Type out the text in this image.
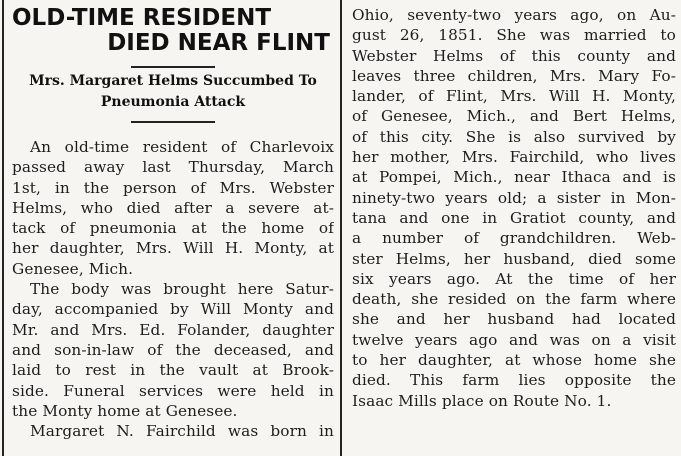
OLD-TIME RESIDENT
DIED NEAR FLINT
Mrs. Margaret Helms Succumbed To
Pneumonia Attack
An old-time resident of Charlevoix
passed away last Thursday, March
1st, in the person of Mrs. Webster
Helms, who died after a severe at-
tack of pneumonia at the home of
her daughter, Mrs. Will H. Monty, at
Genesee, Mich.
The body was brought here Satur-
day, accompanied by Will Monty and
Mr. and Mrs. Ed. Folander, daughter
and son-in-law of the deceased, and
laid to rest in the vault at Brook-
side. Funeral services were held in
the Monty home at Genesee.
Margaret N. Fairchild was born in
Ohio, seventy-two years ago, on Au-
gust 26, 1851. She was married to
Webster Helms of this county and
leaves three children, Mrs. Mary Fo-
lander, of Flint, Mrs. Will H. Monty,
of Genesee, Mich., and Bert Helms,
of this city. She is also survived by
her mother, Mrs. Fairchild, who lives
at Pompei, Mich., near Ithaca and is
ninety-two years old; a sister in Mon-
tana and one in Gratiot county, and
a number of grandchildren. Web-
ster Helms, her husband, died some
six years ago. At the time of her
death, she resided on the farm where
she and her husband had located
twelve years ago and was on a visit
to her daughter, at whose home she
died. This farm lies opposite the
Isaac Mills place on Route No. 1.
